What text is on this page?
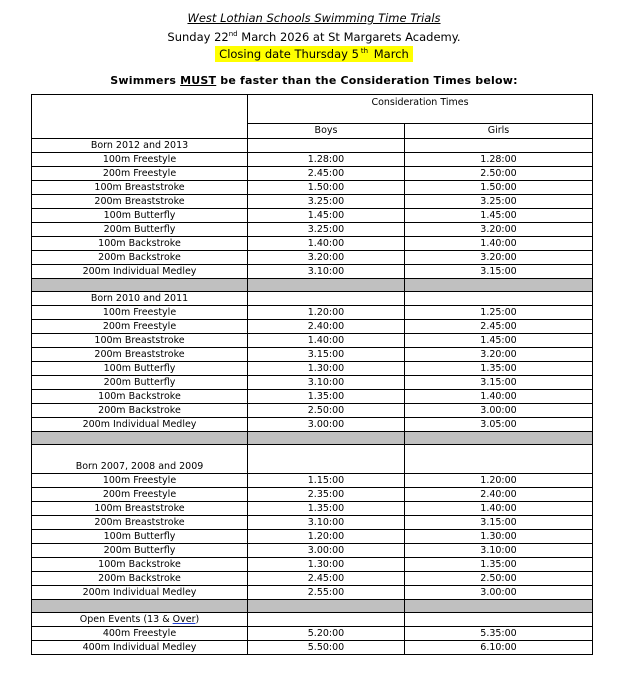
West Lothian Schools Swimming Time Trials
Sunday 22nd March 2026 at St Margarets Academy.
Closing date Thursday 5 $^{th}$ March
Swimmers MUST be faster than the Consideration Times below:
	Consideration Times	
	Boys	Girls
Born 2012 and 2013		
100m Freestyle	1.28:00	1.28:00
200m Freestyle	2.45:00	2.50:00
100m Breaststroke	1.50:00	1.50:00
200m Breaststroke	3.25:00	3.25:00
100m Butterfly	1.45:00	1.45:00
200m Butterfly	3.25:00	3.20:00
100m Backstroke	1.40:00	1.40:00
200m Backstroke	3.20:00	3.20:00
200m Individual Medley	3.10:00	3.15:00

Born 2010 and 2011		
100m Freestyle	1.20:00	1.25:00
200m Freestyle	2.40:00	2.45:00
100m Breaststroke	1.40:00	1.45:00
200m Breaststroke	3.15:00	3.20:00
100m Butterfly	1.30:00	1.35:00
200m Butterfly	3.10:00	3.15:00
100m Backstroke	1.35:00	1.40:00
200m Backstroke	2.50:00	3.00:00
200m Individual Medley	3.00:00	3.05:00

Born 2007, 2008 and 2009		
100m Freestyle	1.15:00	1.20:00
200m Freestyle	2.35:00	2.40:00
100m Breaststroke	1.35:00	1.40:00
200m Breaststroke	3.10:00	3.15:00
100m Butterfly	1.20:00	1.30:00
200m Butterfly	3.00:00	3.10:00
100m Backstroke	1.30:00	1.35:00
200m Backstroke	2.45:00	2.50:00
200m Individual Medley	2.55:00	3.00:00

Open Events (13 & Over)		
400m Freestyle	5.20:00	5.35:00
400m Individual Medley	5.50:00	6.10:00
